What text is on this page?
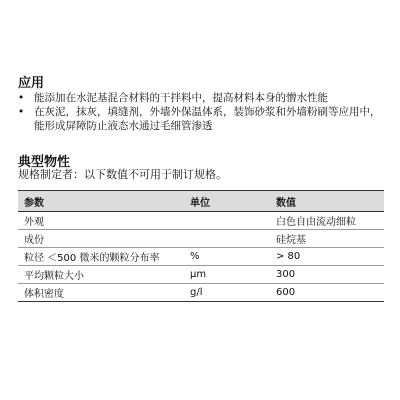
应用
• 能添加在水泥基混合材料的干拌料中，提高材料本身的憎水性能
• 在灰泥，抹灰，填缝剂，外墙外保温体系，装饰砂浆和外墙粉刷等应用中，能形成屏障防止液态水通过毛细管渗透
典型物性
规格制定者：以下数值不可用于制订规格。
参数	单位	数值
外观		白色自由流动细粒
成份		硅烷基
粒径 ＜500 微米的颗粒分布率	%	> 80
平均颗粒大小	µm	300
体积密度	g/l	600
